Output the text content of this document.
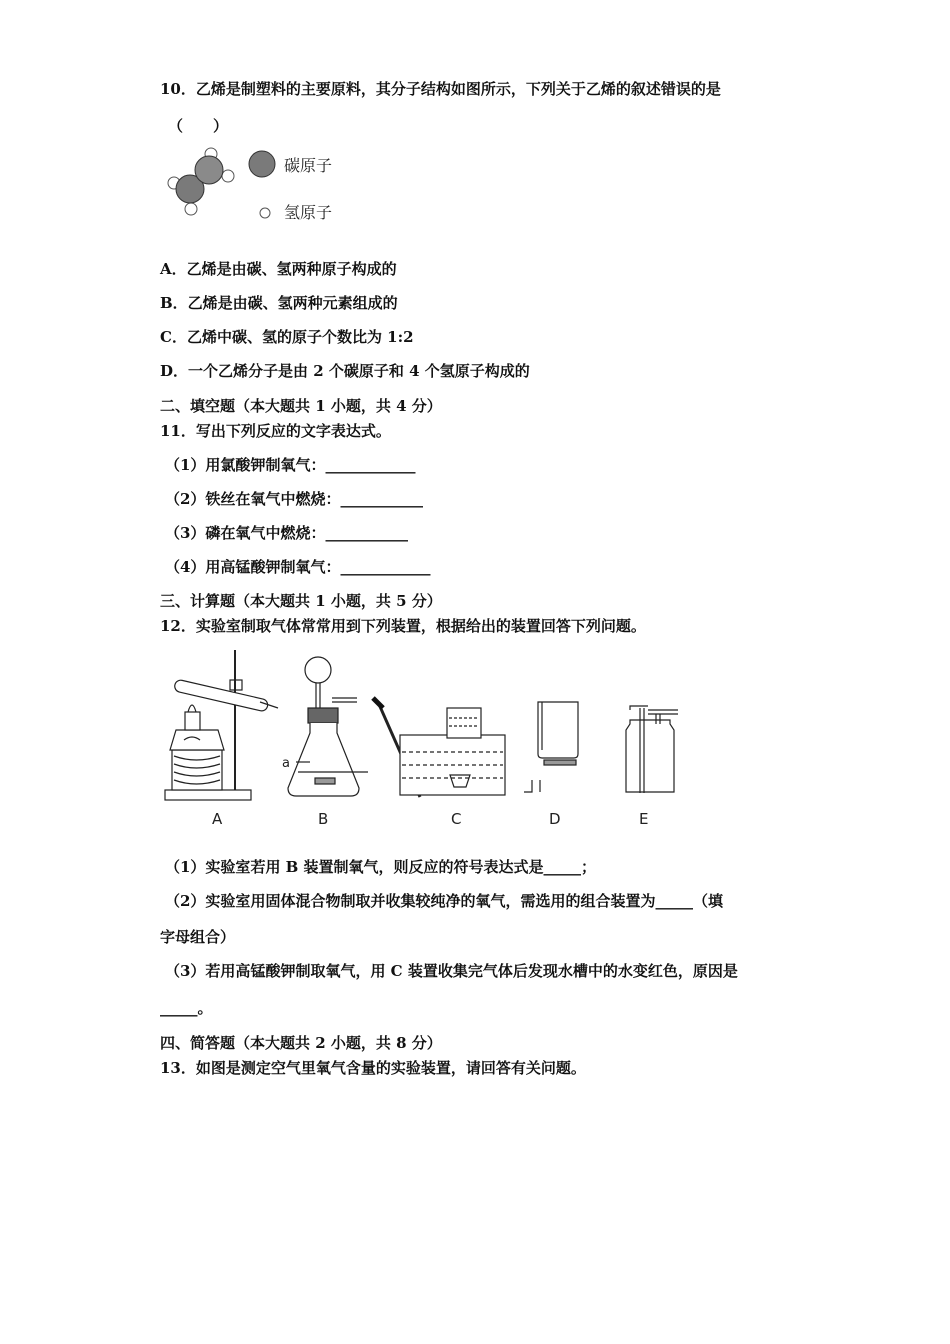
10．乙烯是制塑料的主要原料，其分子结构如图所示，下列关于乙烯的叙述错误的是
（　　）
碳原子
氢原子
A．乙烯是由碳、氢两种原子构成的
B．乙烯是由碳、氢两种元素组成的
C．乙烯中碳、氢的原子个数比为 1:2
D．一个乙烯分子是由 2 个碳原子和 4 个氢原子构成的
二、填空题（本大题共 1 小题，共 4 分）
11．写出下列反应的文字表达式。
（1）用氯酸钾制氧气：____________
（2）铁丝在氧气中燃烧：___________
（3）磷在氧气中燃烧：___________
（4）用高锰酸钾制氧气：____________
三、计算题（本大题共 1 小题，共 5 分）
12．实验室制取气体常常用到下列装置，根据给出的装置回答下列问题。
a
A	B	C	D	E
（1）实验室若用 B 装置制氧气，则反应的符号表达式是_____；
（2）实验室用固体混合物制取并收集较纯净的氧气，需选用的组合装置为_____（填
字母组合）
（3）若用高锰酸钾制取氧气，用 C 装置收集完气体后发现水槽中的水变红色，原因是
_____。
四、简答题（本大题共 2 小题，共 8 分）
13．如图是测定空气里氧气含量的实验装置，请回答有关问题。
